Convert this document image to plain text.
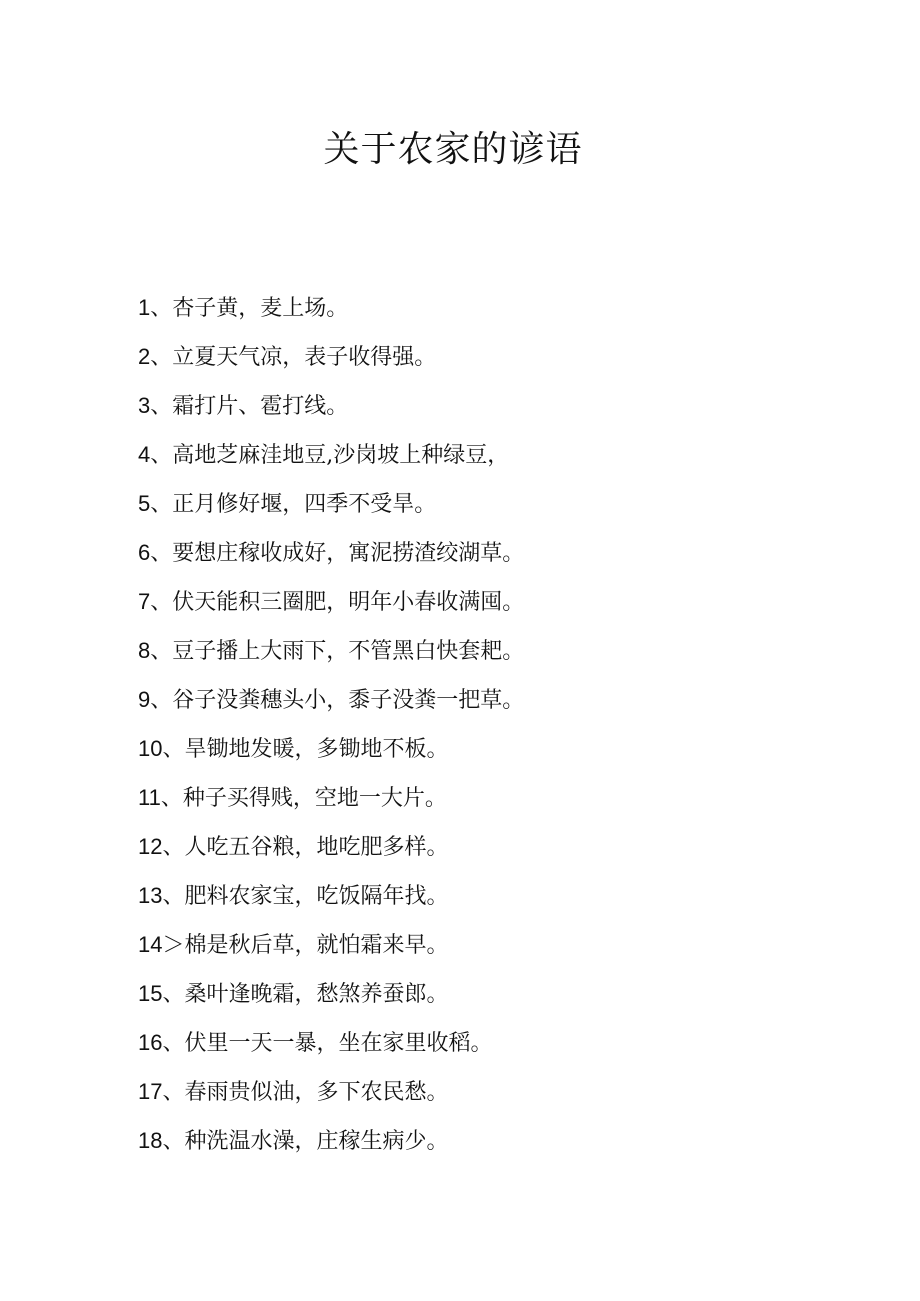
关于农家的谚语
1、杏子黄，麦上场。
2、立夏天气凉，表子收得强。
3、霜打片、雹打线。
4、高地芝麻洼地豆,沙岗坡上种绿豆，
5、正月修好堰，四季不受旱。
6、要想庄稼收成好，寓泥捞渣绞湖草。
7、伏天能积三圈肥，明年小春收满囤。
8、豆子播上大雨下，不管黑白快套耙。
9、谷子没粪穗头小，黍子没粪一把草。
10、旱锄地发暖，多锄地不板。
11、种子买得贱，空地一大片。
12、人吃五谷粮，地吃肥多样。
13、肥料农家宝，吃饭隔年找。
14＞棉是秋后草，就怕霜来早。
15、桑叶逢晚霜，愁煞养蚕郎。
16、伏里一天一暴，坐在家里收稻。
17、春雨贵似油，多下农民愁。
18、种洗温水澡，庄稼生病少。
